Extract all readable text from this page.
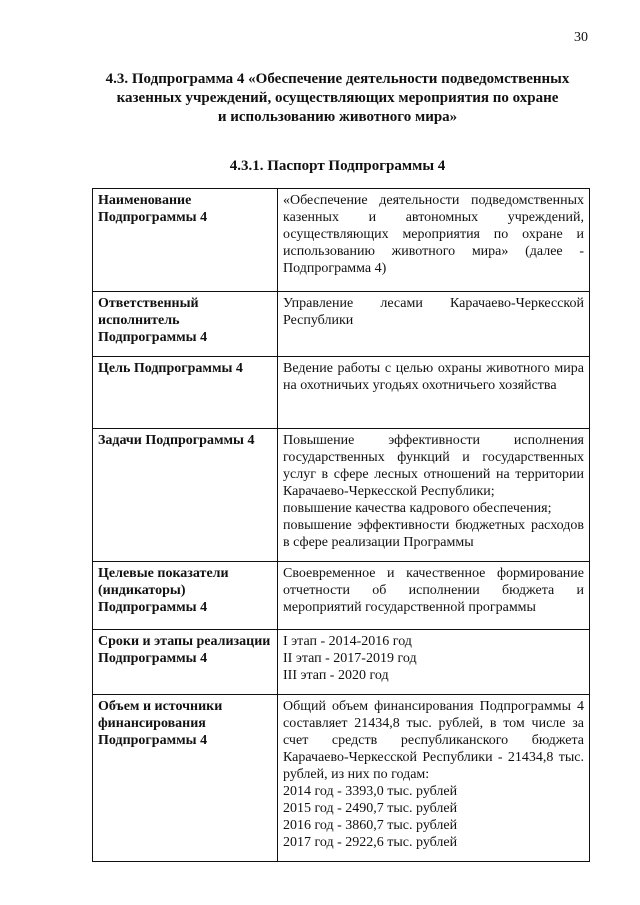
30
4.3. Подпрограмма 4 «Обеспечение деятельности подведомственных
казенных учреждений, осуществляющих мероприятия по охране
и использованию животного мира»
4.3.1. Паспорт Подпрограммы 4
Наименование Подпрограммы 4	«Обеспечение деятельности подведомственных казенных и автономных учреждений, осуществляющих мероприятия по охране и использованию животного мира» (далее - Подпрограмма 4)
Ответственный исполнитель Подпрограммы 4	Управление лесами Карачаево-Черкесской Республики
Цель Подпрограммы 4	Ведение работы с целью охраны животного мира на охотничьих угодьях охотничьего хозяйства
Задачи Подпрограммы 4	Повышение эффективности исполнения государственных функций и государственных услуг в сфере лесных отношений на территории Карачаево-Черкесской Республики;
повышение качества кадрового обеспечения;
повышение эффективности бюджетных расходов в сфере реализации Программы

Целевые показатели (индикаторы) Подпрограммы 4	Своевременное и качественное формирование отчетности об исполнении бюджета и мероприятий государственной программы
Сроки и этапы реализации Подпрограммы 4	I этап - 2014-2016 год
II этап - 2017-2019 год
III этап - 2020 год

Объем и источники финансирования Подпрограммы 4	Общий объем финансирования Подпрограммы 4 составляет 21434,8 тыс. рублей, в том числе за счет средств республиканского бюджета Карачаево-Черкесской Республики - 21434,8 тыс. рублей, из них по годам:
2014 год - 3393,0 тыс. рублей
2015 год - 2490,7 тыс. рублей
2016 год - 3860,7 тыс. рублей
2017 год - 2922,6 тыс. рублей
